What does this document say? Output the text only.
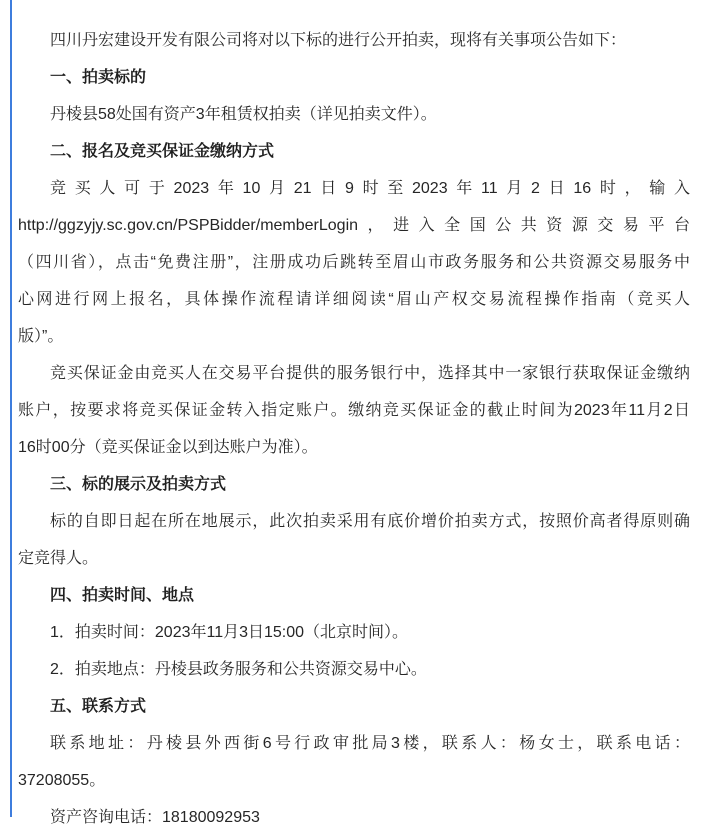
四川丹宏建设开发有限公司将对以下标的进行公开拍卖，现将有关事项公告如下：
一、拍卖标的
丹棱县58处国有资产3年租赁权拍卖（详见拍卖文件）。
二、报名及竞买保证金缴纳方式
竞买人可于2023年10月21日9时至2023年11月2日16时，输入
http://ggzyjy.sc.gov.cn/PSPBidder/memberLogin，进入全国公共资源交易平台
（四川省），点击“免费注册”，注册成功后跳转至眉山市政务服务和公共资源交易服务中
心网进行网上报名，具体操作流程请详细阅读“眉山产权交易流程操作指南（竞买人
版）”。
竞买保证金由竞买人在交易平台提供的服务银行中，选择其中一家银行获取保证金缴纳
账户，按要求将竞买保证金转入指定账户。缴纳竞买保证金的截止时间为2023年11月2日
16时00分（竞买保证金以到达账户为准）。
三、标的展示及拍卖方式
标的自即日起在所在地展示，此次拍卖采用有底价增价拍卖方式，按照价高者得原则确
定竞得人。
四、拍卖时间、地点
1．拍卖时间：2023年11月3日15:00（北京时间）。
2．拍卖地点：丹棱县政务服务和公共资源交易中心。
五、联系方式
联系地址：丹棱县外西街6号行政审批局3楼，联系人：杨女士，联系电话：
37208055。
资产咨询电话：18180092953
